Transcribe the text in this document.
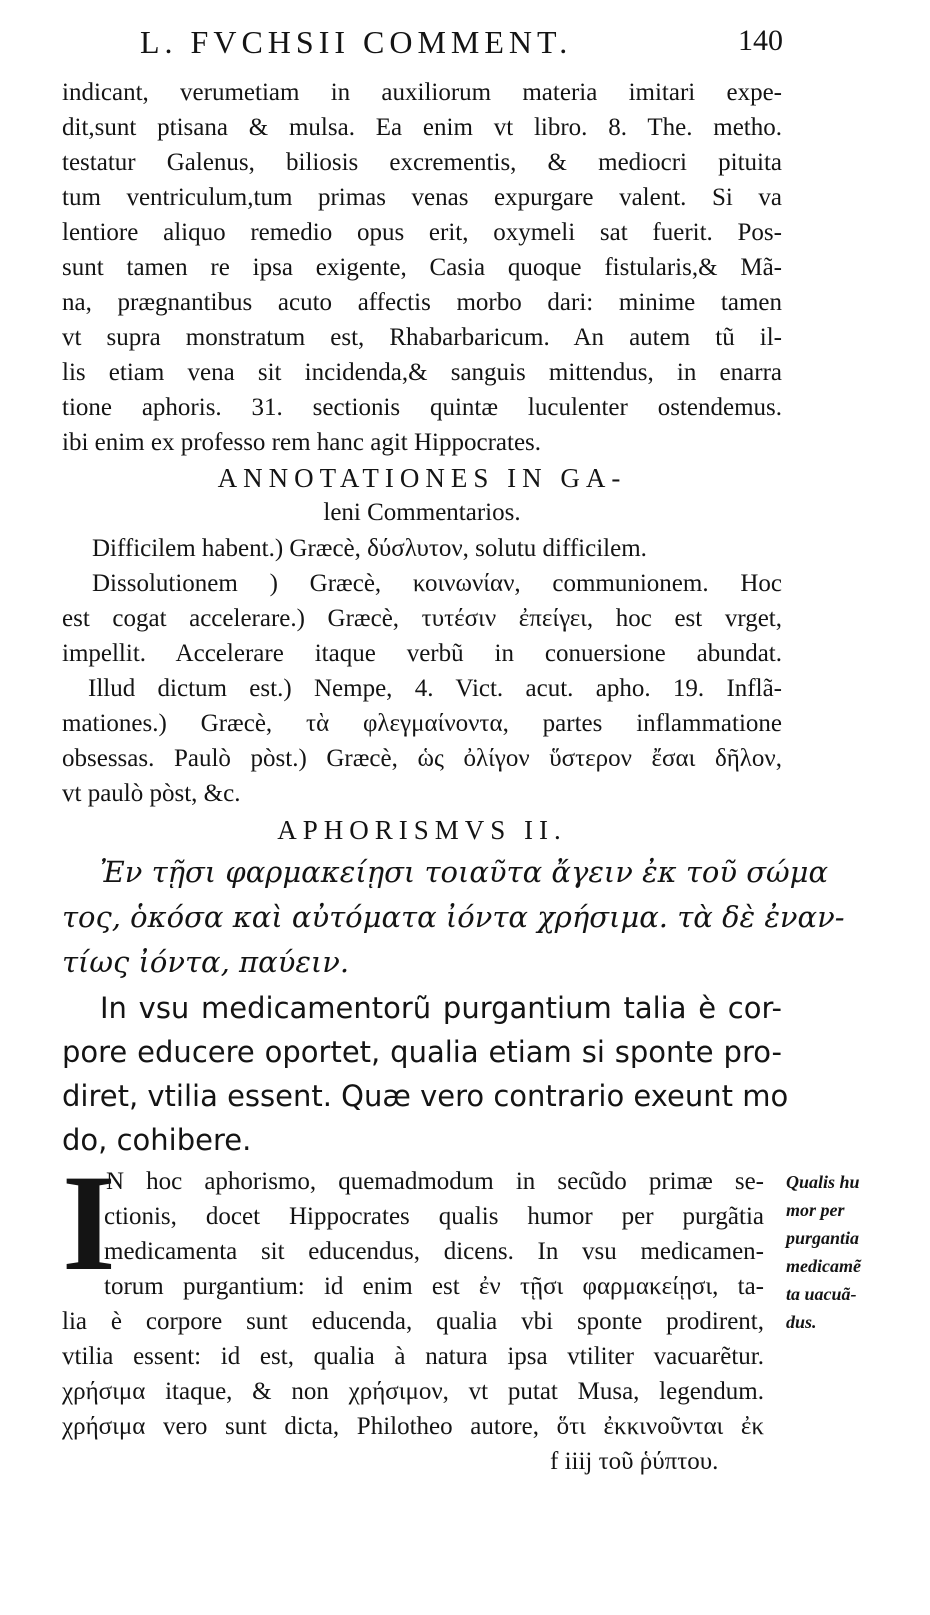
L. FVCHSII COMMENT.	140
indicant, verumetiam in auxiliorum materia imitari expe-
dit,sunt ptisana & mulsa. Ea enim vt libro. 8. The. metho.
testatur Galenus, biliosis excrementis, & mediocri pituita
tum ventriculum,tum primas venas expurgare valent. Si va
lentiore aliquo remedio opus erit, oxymeli sat fuerit. Pos-
sunt tamen re ipsa exigente, Casia quoque fistularis,& Mã-
na, prægnantibus acuto affectis morbo dari: minime tamen
vt supra monstratum est, Rhabarbaricum. An autem tũ il-
lis etiam vena sit incidenda,& sanguis mittendus, in enarra
tione aphoris. 31. sectionis quintæ luculenter ostendemus.
ibi enim ex professo rem hanc agit Hippocrates.
ANNOTATIONES IN GA-
leni Commentarios.
Difficilem habent.) Græcè, δύσλυτον, solutu difficilem.
Dissolutionem ) Græcè, κοινωνίαν, communionem. Hoc
est cogat accelerare.) Græcè, τυτέσιν ἐπείγει, hoc est vrget,
impellit. Accelerare itaque verbũ in conuersione abundat.
Illud dictum est.) Nempe, 4. Vict. acut. apho. 19. Inflã-
mationes.) Græcè, τὰ φλεγμαίνοντα, partes inflammatione
obsessas. Paulò pòst.) Græcè, ὡς ὀλίγον ὕστερον ἔσαι δῆλον,
vt paulò pòst, &c.
APHORISMVS II.
Ἐν τῇσι φαρμακείῃσι τοιαῦτα ἄγειν ἐκ τοῦ σώμα
τος, ὁκόσα καὶ αὐτόματα ἰόντα χρήσιμα. τὰ δὲ ἐναν-
τίως ἰόντα, παύειν.
In vsu medicamentorũ purgantium talia è cor-
pore educere oportet, qualia etiam si sponte pro-
diret, vtilia essent. Quæ vero contrario exeunt mo
do, cohibere.
I
N hoc aphorismo, quemadmodum in secũdo primæ se-
ctionis, docet Hippocrates qualis humor per purgãtia
medicamenta sit educendus, dicens. In vsu medicamen-
torum purgantium: id enim est ἐν τῇσι φαρμακείῃσι, ta-
lia è corpore sunt educenda, qualia vbi sponte prodirent,
vtilia essent: id est, qualia à natura ipsa vtiliter vacuarẽtur.
χρήσιμα itaque, & non χρήσιμον, vt putat Musa, legendum.
χρήσιμα vero sunt dicta, Philotheo autore, ὅτι ἐκκινοῦνται ἐκ
f iiij τοῦ ῥύπτου.
Qualis hu
mor per
purgantia
medicamẽ
ta uacuã-
dus.
